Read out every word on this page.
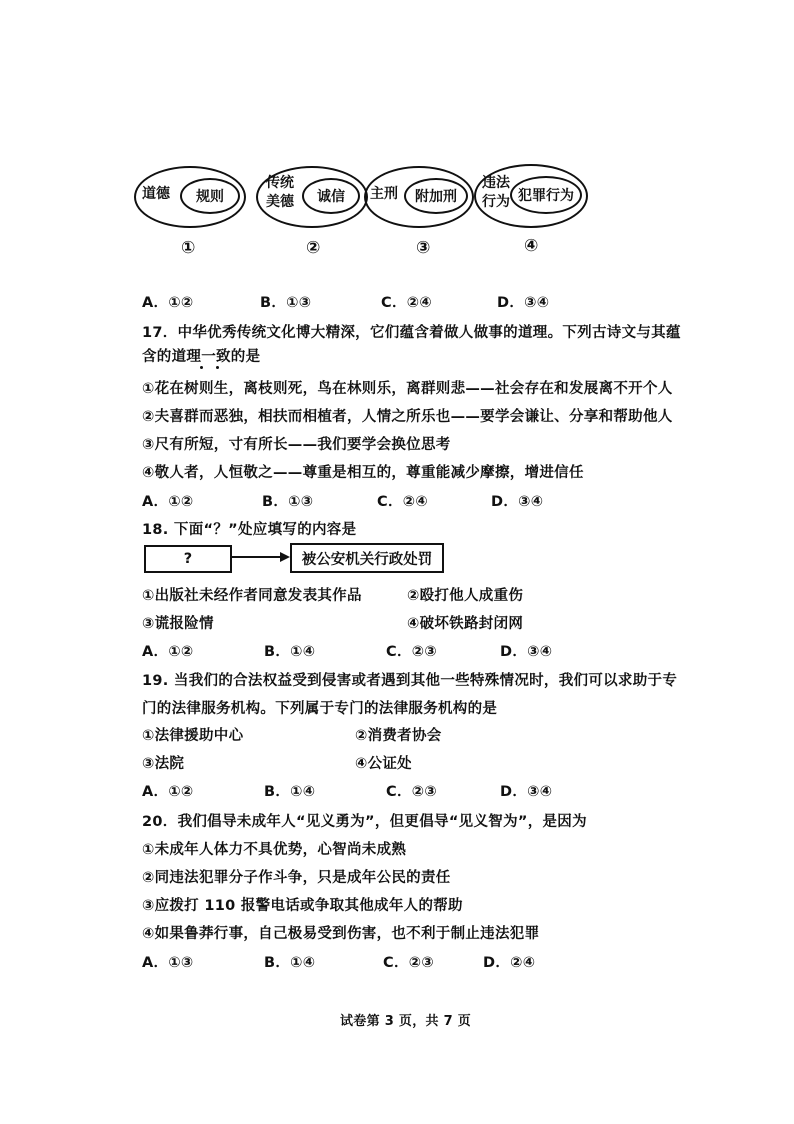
道德	规则
①
传统
美德	诚信
②
主刑	附加刑
③
违法
行为 犯罪行为
④
A．①②	B．①③	C．②④	D．③④
17．中华优秀传统文化博大精深，它们蕴含着做人做事的道理。下列古诗文与其蕴
含的道理一致的是
①花在树则生，离枝则死，鸟在林则乐，离群则悲——社会存在和发展离不开个人
②夫喜群而恶独，相扶而相植者，人情之所乐也——要学会谦让、分享和帮助他人
③尺有所短，寸有所长——我们要学会换位思考
④敬人者，人恒敬之——尊重是相互的，尊重能减少摩擦，增进信任
A．①②	B．①③	C．②④	D．③④
18. 下面“？”处应填写的内容是
?	被公安机关行政处罚
①出版社未经作者同意发表其作品	②殴打他人成重伤
③谎报险情	④破坏铁路封闭网
A．①②	B．①④	C．②③	D．③④
19. 当我们的合法权益受到侵害或者遇到其他一些特殊情况时，我们可以求助于专
门的法律服务机构。下列属于专门的法律服务机构的是
①法律援助中心	②消费者协会
③法院	④公证处
A．①②	B．①④	C．②③	D．③④
20．我们倡导未成年人“见义勇为”，但更倡导“见义智为”，是因为
①未成年人体力不具优势，心智尚未成熟
②同违法犯罪分子作斗争，只是成年公民的责任
③应拨打 110 报警电话或争取其他成年人的帮助
④如果鲁莽行事，自己极易受到伤害，也不利于制止违法犯罪
A．①③	B．①④	C．②③	D．②④
试卷第 3 页，共 7 页
